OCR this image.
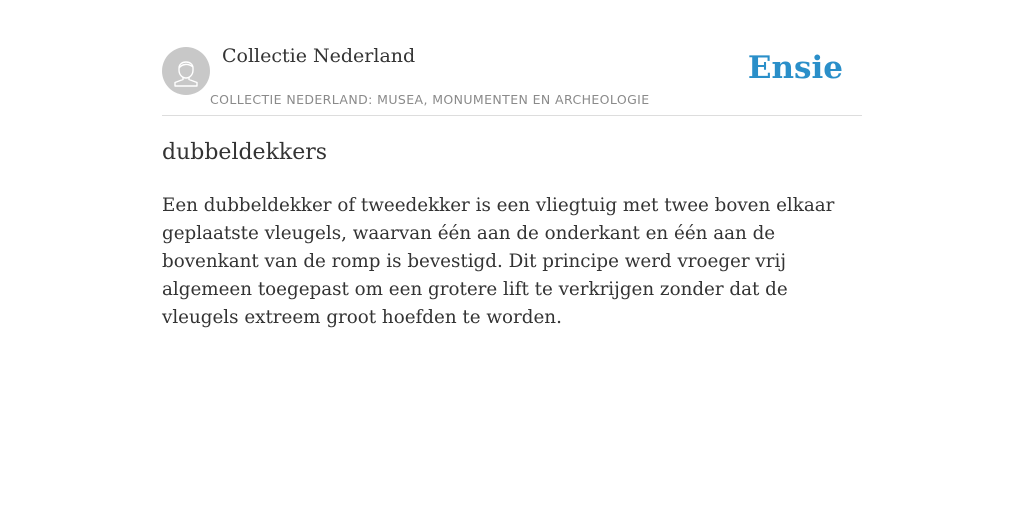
Collectie Nederland
COLLECTIE NEDERLAND: MUSEA, MONUMENTEN EN ARCHEOLOGIE
Ensie
dubbeldekkers

Een dubbeldekker of tweedekker is een vliegtuig met twee boven elkaar geplaatste vleugels, waarvan één aan de onderkant en één aan de bovenkant van de romp is bevestigd. Dit principe werd vroeger vrij algemeen toegepast om een grotere lift te verkrijgen zonder dat de vleugels extreem groot hoefden te worden.
